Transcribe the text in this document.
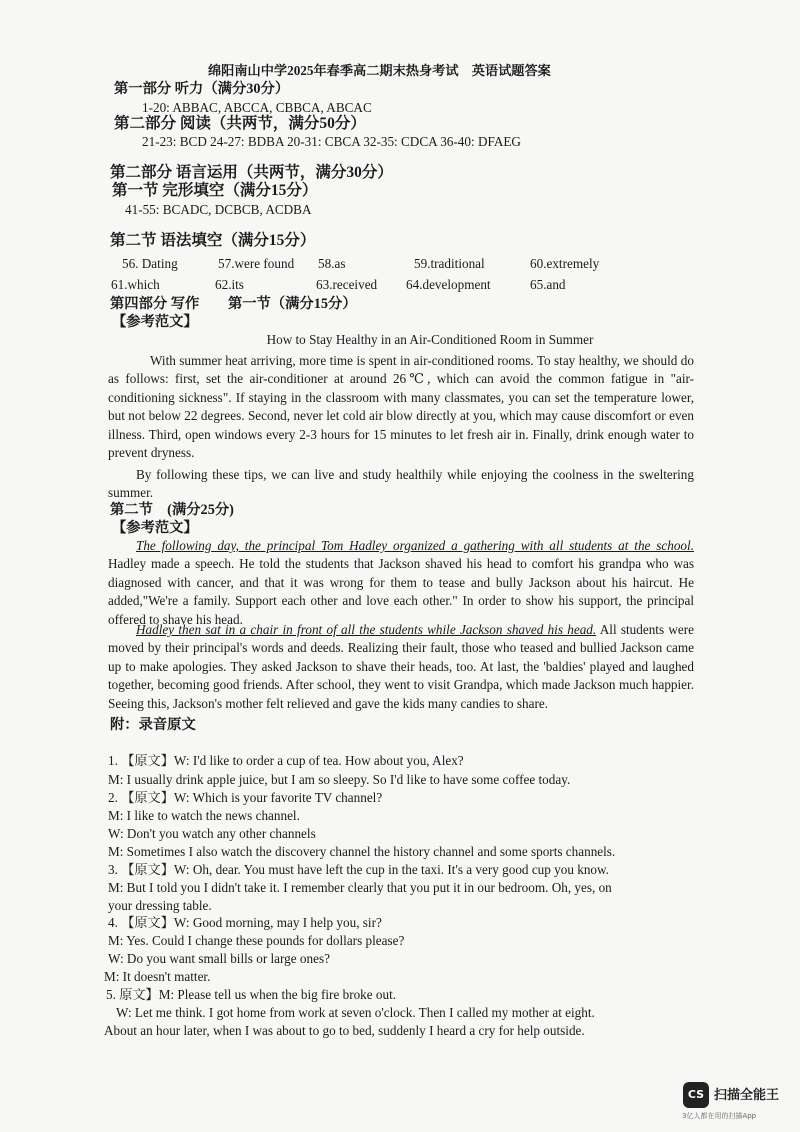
绵阳南山中学2025年春季高二期末热身考试　英语试题答案
第一部分 听力（满分30分）
1-20: ABBAC, ABCCA, CBBCA, ABCAC
第二部分 阅读（共两节，满分50分）
21-23: BCD 24-27: BDBA 20-31: CBCA 32-35: CDCA 36-40: DFAEG
第二部分 语言运用（共两节，满分30分）
第一节 完形填空（满分15分）
41-55: BCADC, DCBCB, ACDBA
第二节 语法填空（满分15分）
56. Dating	57.were found 58.as	59.traditional	60.extremely
61.which	62.its	63.received 64.development	65.and
第四部分 写作　　第一节（满分15分）
【参考范文】
How to Stay Healthy in an Air-Conditioned Room in Summer
With summer heat arriving, more time is spent in air-conditioned rooms. To stay healthy, we should do as follows: first, set the air-conditioner at around 26℃, which can avoid the common fatigue in "air-conditioning sickness". If staying in the classroom with many classmates, you can set the temperature lower, but not below 22 degrees. Second, never let cold air blow directly at you, which may cause discomfort or even illness. Third, open windows every 2-3 hours for 15 minutes to let fresh air in. Finally, drink enough water to prevent dryness.
By following these tips, we can live and study healthily while enjoying the coolness in the sweltering summer.
第二节　(满分25分)
【参考范文】
The following day, the principal Tom Hadley organized a gathering with all students at the school. Hadley made a speech. He told the students that Jackson shaved his head to comfort his grandpa who was diagnosed with cancer, and that it was wrong for them to tease and bully Jackson about his haircut. He added,"We're a family. Support each other and love each other." In order to show his support, the principal offered to shave his head.
Hadley then sat in a chair in front of all the students while Jackson shaved his head. All students were moved by their principal's words and deeds. Realizing their fault, those who teased and bullied Jackson came up to make apologies. They asked Jackson to shave their heads, too. At last, the 'baldies' played and laughed together, becoming good friends. After school, they went to visit Grandpa, which made Jackson much happier. Seeing this, Jackson's mother felt relieved and gave the kids many candies to share.
附：录音原文
1. 【原文】W: I'd like to order a cup of tea. How about you, Alex?
M: I usually drink apple juice, but I am so sleepy. So I'd like to have some coffee today.
2. 【原文】W: Which is your favorite TV channel?
M: I like to watch the news channel.
W: Don't you watch any other channels
M: Sometimes I also watch the discovery channel the history channel and some sports channels.
3. 【原文】W: Oh, dear. You must have left the cup in the taxi. It's a very good cup you know.
M: But I told you I didn't take it. I remember clearly that you put it in our bedroom. Oh, yes, on
your dressing table.
4. 【原文】W: Good morning, may I help you, sir?
M: Yes. Could I change these pounds for dollars please?
W: Do you want small bills or large ones?
M: It doesn't matter.
5. 原文】M: Please tell us when the big fire broke out.
W: Let me think. I got home from work at seven o'clock. Then I called my mother at eight.
About an hour later, when I was about to go to bed, suddenly I heard a cry for help outside.
CS 扫描全能王
3亿人都在用的扫描App
